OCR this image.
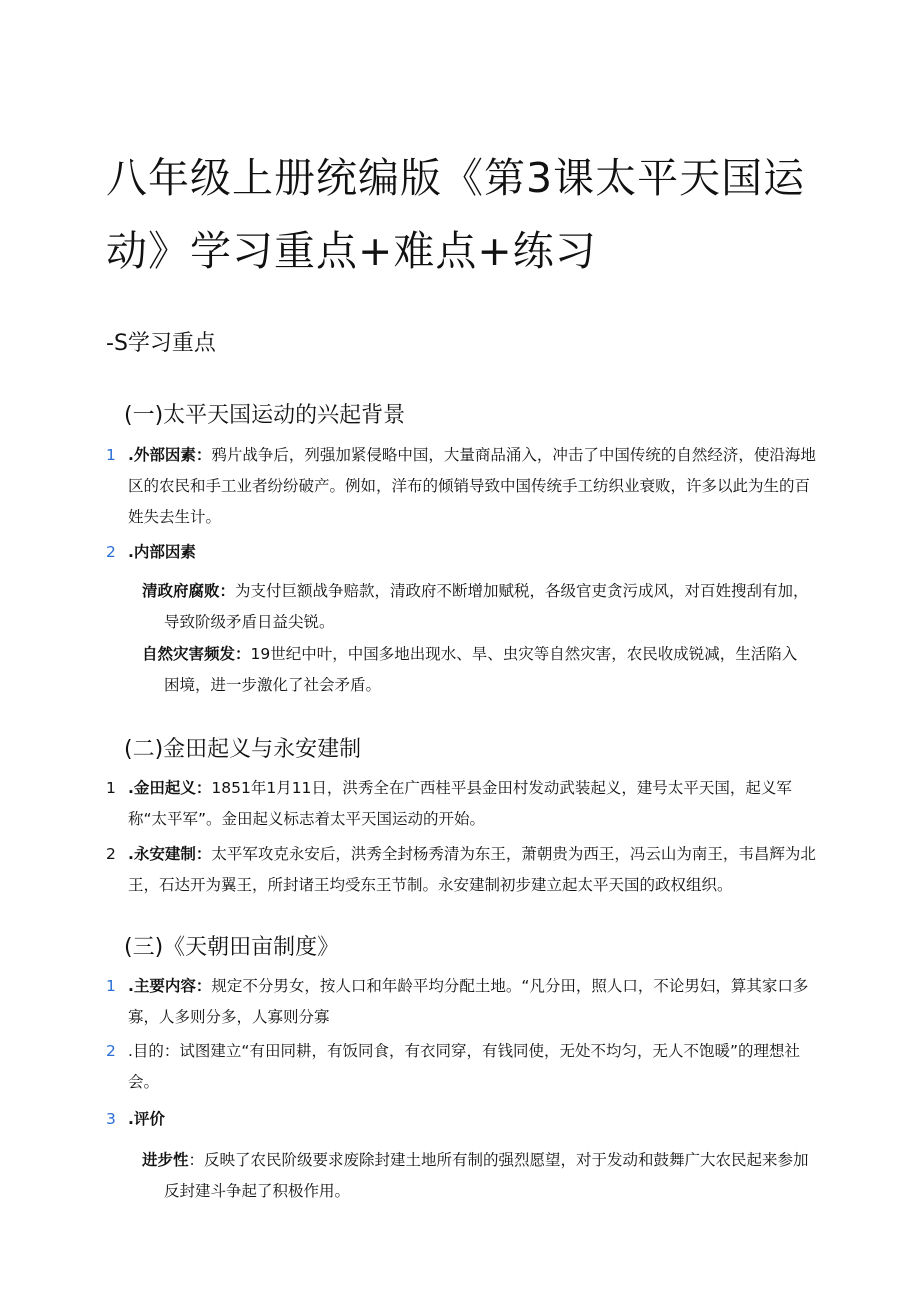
八年级上册统编版《第3课太平天国运动》学习重点+难点+练习
-S学习重点
(一)太平天国运动的兴起背景
1 .外部因素：鸦片战争后，列强加紧侵略中国，大量商品涌入，冲击了中国传统的自然经济，使沿海地区的农民和手工业者纷纷破产。例如，洋布的倾销导致中国传统手工纺织业衰败，许多以此为生的百姓失去生计。
2 .内部因素
清政府腐败：为支付巨额战争赔款，清政府不断增加赋税，各级官吏贪污成风，对百姓搜刮有加，
导致阶级矛盾日益尖锐。
自然灾害频发：19世纪中叶，中国多地出现水、旱、虫灾等自然灾害，农民收成锐减，生活陷入
困境，进一步激化了社会矛盾。
(二)金田起义与永安建制
1 .金田起义：1851年1月11日，洪秀全在广西桂平县金田村发动武装起义，建号太平天国，起义军称“太平军”。金田起义标志着太平天国运动的开始。
2 .永安建制：太平军攻克永安后，洪秀全封杨秀清为东王，萧朝贵为西王，冯云山为南王，韦昌辉为北王，石达开为翼王，所封诸王均受东王节制。永安建制初步建立起太平天国的政权组织。
(三)《天朝田亩制度》
1 .主要内容：规定不分男女，按人口和年龄平均分配土地。“凡分田，照人口，不论男妇，算其家口多寡，人多则分多，人寡则分寡
2 .目的：试图建立“有田同耕，有饭同食，有衣同穿，有钱同使，无处不均匀，无人不饱暖”的理想社会。
3 .评价
进步性：反映了农民阶级要求废除封建土地所有制的强烈愿望，对于发动和鼓舞广大农民起来参加
反封建斗争起了积极作用。
